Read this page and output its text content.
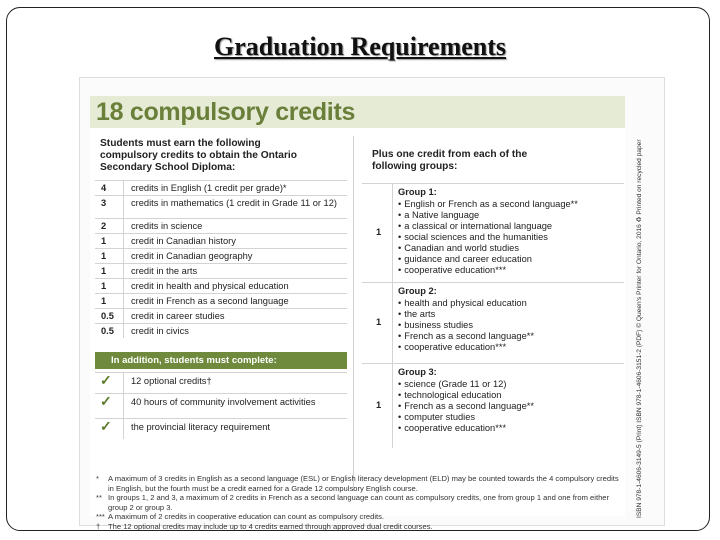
Graduation Requirements
18 compulsory credits
Students must earn the following compulsory credits to obtain the Ontario Secondary School Diploma:
Plus one credit from each of the following groups:
4	credits in English (1 credit per grade)*
3	credits in mathematics (1 credit in Grade 11 or 12)
2	credits in science
1	credit in Canadian history
1	credit in Canadian geography
1	credit in the arts
1	credit in health and physical education
1	credit in French as a second language
0.5 credit in career studies
0.5 credit in civics
In addition, students must complete:
✓ 12 optional credits†
✓ 40 hours of community involvement activities
✓ the provincial literacy requirement
1
Group 1:
• English or French as a second language**
• a Native language
• a classical or international language
• social sciences and the humanities
• Canadian and world studies
• guidance and career education
• cooperative education***
1
Group 2:
• health and physical education
• the arts
• business studies
• French as a second language**
• cooperative education***
1
Group 3:
• science (Grade 11 or 12)
• technological education
• French as a second language**
• computer studies
• cooperative education***
* A maximum of 3 credits in English as a second language (ESL) or English literacy development (ELD) may be counted towards the 4 compulsory credits in English, but the fourth must be a credit earned for a Grade 12 compulsory English course.
** In groups 1, 2 and 3, a maximum of 2 credits in French as a second language can count as compulsory credits, one from group 1 and one from either group 2 or group 3.
*** A maximum of 2 credits in cooperative education can count as compulsory credits.
† The 12 optional credits may include up to 4 credits earned through approved dual credit courses.
ISBN 978-1-4606-3149-5 (Print) ISBN 978-1-4606-3151-2 (PDF) © Queen's Printer for Ontario, 2016 ♻ Printed on recycled paper
